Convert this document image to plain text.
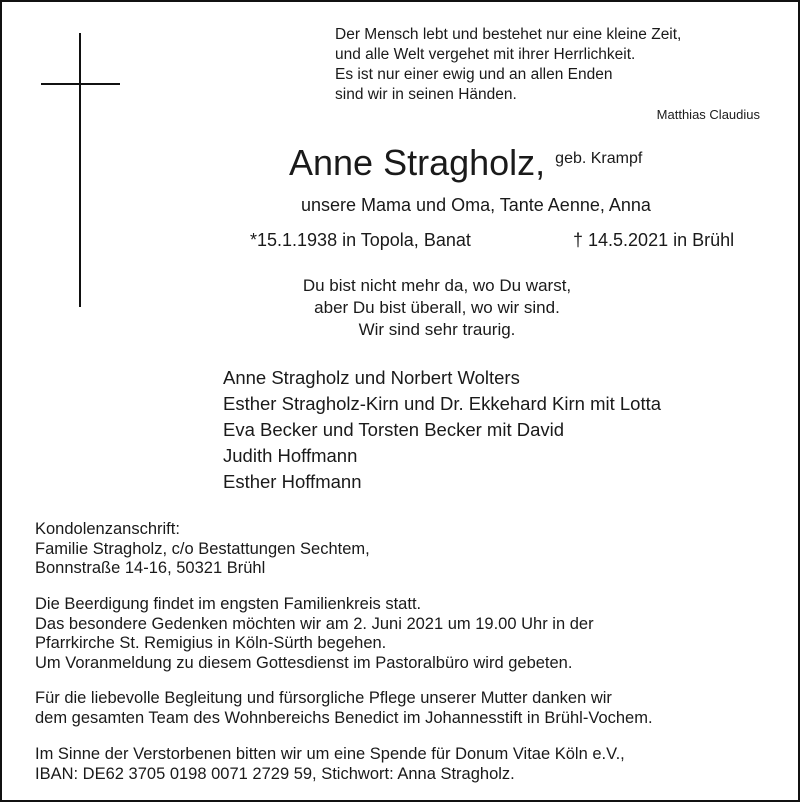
Der Mensch lebt und bestehet nur eine kleine Zeit,
und alle Welt vergehet mit ihrer Herrlichkeit.
Es ist nur einer ewig und an allen Enden
sind wir in seinen Händen.
Matthias Claudius
Anne Stragholz, geb. Krampf
unsere Mama und Oma, Tante Aenne, Anna
*15.1.1938 in Topola, Banat	† 14.5.2021 in Brühl
Du bist nicht mehr da, wo Du warst,
aber Du bist überall, wo wir sind.
Wir sind sehr traurig.
Anne Stragholz und Norbert Wolters
Esther Stragholz-Kirn und Dr. Ekkehard Kirn mit Lotta
Eva Becker und Torsten Becker mit David
Judith Hoffmann
Esther Hoffmann
Kondolenzanschrift:
Familie Stragholz, c/o Bestattungen Sechtem,
Bonnstraße 14-16, 50321 Brühl
Die Beerdigung findet im engsten Familienkreis statt.
Das besondere Gedenken möchten wir am 2. Juni 2021 um 19.00 Uhr in der
Pfarrkirche St. Remigius in Köln-Sürth begehen.
Um Voranmeldung zu diesem Gottesdienst im Pastoralbüro wird gebeten.
Für die liebevolle Begleitung und fürsorgliche Pflege unserer Mutter danken wir
dem gesamten Team des Wohnbereichs Benedict im Johannesstift in Brühl-Vochem.
Im Sinne der Verstorbenen bitten wir um eine Spende für Donum Vitae Köln e.V.,
IBAN: DE62 3705 0198 0071 2729 59, Stichwort: Anna Stragholz.
